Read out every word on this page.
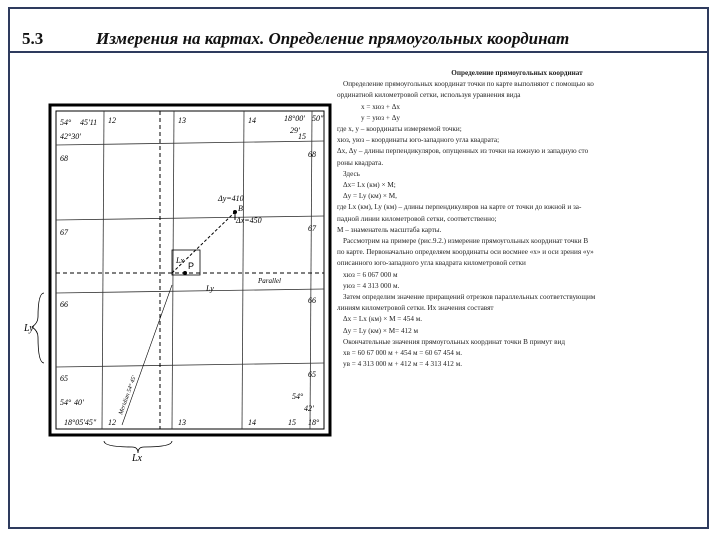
5.3	Измерения на картах. Определение прямоугольных координат
54° 45'11
42°30'
18°00' 50"
29'
54° 40'
18°05'45"
54°
42'
18°
12	13	14
15
12	13	14	15
68
67
66
65
68
67
66
65
Δy=410
B
Δx=450
Lx
Ly
Ly
Lx
Parallel
Meridian 54° 45'
P

Определение прямоугольных координат

Определение прямоугольных координат точки по карте выполняют с помощью ко

ординатной километровой сетки, используя уравнения вида

x = xюз + Δx

y = yюз + Δy

где x, y – координаты измеряемой точки;

xюз, yюз – координаты юго-западного угла квадрата;

Δx, Δy – длины перпендикуляров, опущенных из точки на южную и западную сто

роны квадрата.

Здесь

Δx= Lx (км) × M;

Δy = Ly (км) × M,

где Lx (км), Ly (км) – длины перпендикуляров на карте от точки до южной и за-

падной линии километровой сетки, соответственно;

M – знаменатель масштаба карты.

Рассмотрим на примере (рис.9.2.) измерение прямоугольных координат точки B

по карте. Первоначально определяем координаты оси восмнее «x» и оси зрения «y»

описанного юго-западного угла квадрата километровой сетки

xюз = 6 067 000 м

yюз = 4 313 000 м.

Затем определим значение приращений отрезков параллельных соответствующим

линиям километровой сетки. Их значения составят

Δx = Lx (км) × M = 454 м.

Δy = Ly (км) × M= 412 м

Окончательные значения прямоугольных координат точки B примут вид

xв = 60 67 000 м + 454 м = 60 67 454 м.

yв = 4 313 000 м + 412 м = 4 313 412 м.
